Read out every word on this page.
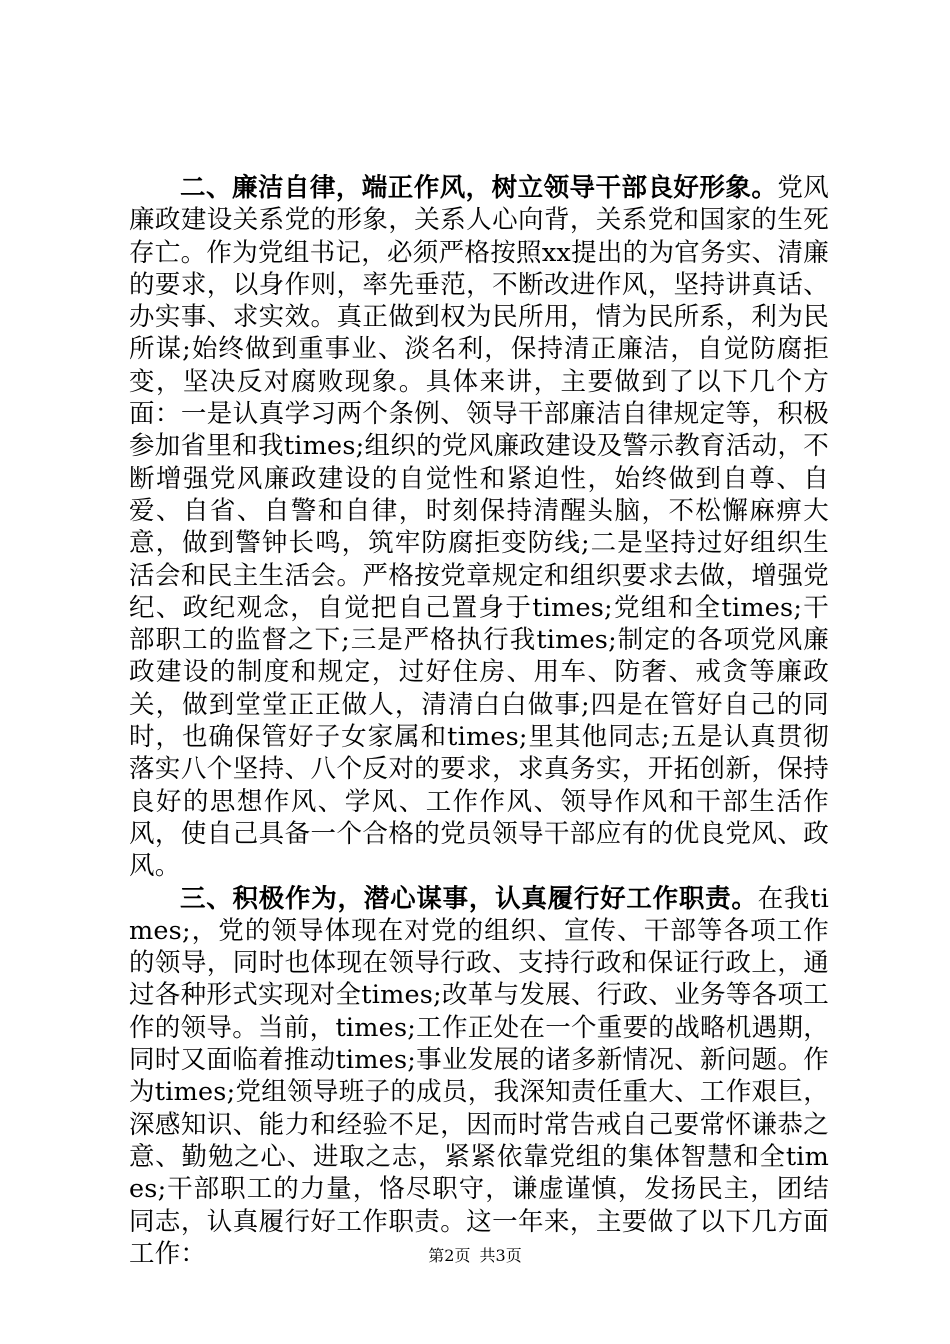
二、廉洁自律，端正作风，树立领导干部良好形象。党风廉政建设关系党的形象，关系人心向背，关系党和国家的生死存亡。作为党组书记，必须严格按照xx提出的为官务实、清廉的要求，以身作则，率先垂范，不断改进作风，坚持讲真话、办实事、求实效。真正做到权为民所用，情为民所系，利为民所谋;始终做到重事业、淡名利，保持清正廉洁，自觉防腐拒变，坚决反对腐败现象。具体来讲，主要做到了以下几个方面：一是认真学习两个条例、领导干部廉洁自律规定等，积极参加省里和我times;组织的党风廉政建设及警示教育活动，不断增强党风廉政建设的自觉性和紧迫性，始终做到自尊、自爱、自省、自警和自律，时刻保持清醒头脑，不松懈麻痹大意，做到警钟长鸣，筑牢防腐拒变防线;二是坚持过好组织生活会和民主生活会。严格按党章规定和组织要求去做，增强党纪、政纪观念，自觉把自己置身于times;党组和全times;干部职工的监督之下;三是严格执行我times;制定的各项党风廉政建设的制度和规定，过好住房、用车、防奢、戒贪等廉政关，做到堂堂正正做人，清清白白做事;四是在管好自己的同时，也确保管好子女家属和times;里其他同志;五是认真贯彻落实八个坚持、八个反对的要求，求真务实，开拓创新，保持良好的思想作风、学风、工作作风、领导作风和干部生活作风，使自己具备一个合格的党员领导干部应有的优良党风、政风。

三、积极作为，潜心谋事，认真履行好工作职责。在我times;，党的领导体现在对党的组织、宣传、干部等各项工作的领导，同时也体现在领导行政、支持行政和保证行政上，通过各种形式实现对全times;改革与发展、行政、业务等各项工作的领导。当前，times;工作正处在一个重要的战略机遇期，同时又面临着推动times;事业发展的诸多新情况、新问题。作为times;党组领导班子的成员，我深知责任重大、工作艰巨，深感知识、能力和经验不足，因而时常告戒自己要常怀谦恭之意、勤勉之心、进取之志，紧紧依靠党组的集体智慧和全times;干部职工的力量，恪尽职守，谦虚谨慎，发扬民主，团结同志，认真履行好工作职责。这一年来，主要做了以下几方面工作：	第2页 共3页
